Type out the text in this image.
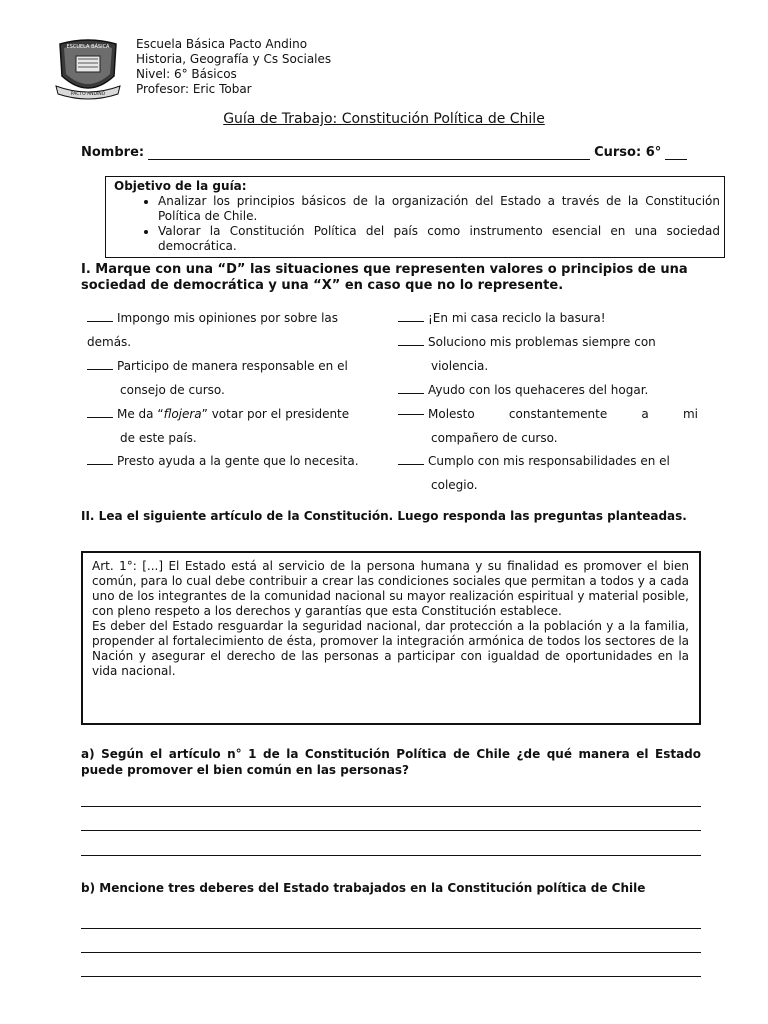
ESCUELA BÁSICA
PACTO ANDINO
Escuela Básica Pacto Andino
Historia, Geografía y Cs Sociales
Nivel: 6° Básicos
Profesor: Eric Tobar
Guía de Trabajo: Constitución Política de Chile
Nombre:	Curso: 6°
Objetivo de la guía:
• Analizar los principios básicos de la organización del Estado a través de la Constitución Política de Chile.
• Valorar la Constitución Política del país como instrumento esencial en una sociedad democrática.
I. Marque con una “D” las situaciones que representen valores o principios de una sociedad de democrática y una “X” en caso que no lo represente.
Impongo mis opiniones por sobre las
demás.
Participo de manera responsable en el
consejo de curso.
Me da “flojera” votar por el presidente
de este país.
Presto ayuda a la gente que lo necesita.
¡En mi casa reciclo la basura!
Soluciono mis problemas siempre con
violencia.
Ayudo con los quehaceres del hogar.
Molesto constantemente a mi
compañero de curso.
Cumplo con mis responsabilidades en el
colegio.
II. Lea el siguiente artículo de la Constitución. Luego responda las preguntas planteadas.
Art. 1°: [...] El Estado está al servicio de la persona humana y su finalidad es promover el bien común, para lo cual debe contribuir a crear las condiciones sociales que permitan a todos y a cada uno de los integrantes de la comunidad nacional su mayor realización espiritual y material posible, con pleno respeto a los derechos y garantías que esta Constitución establece.
Es deber del Estado resguardar la seguridad nacional, dar protección a la población y a la familia, propender al fortalecimiento de ésta, promover la integración armónica de todos los sectores de la Nación y asegurar el derecho de las personas a participar con igualdad de oportunidades en la vida nacional.
a) Según el artículo n° 1 de la Constitución Política de Chile ¿de qué manera el Estado puede promover el bien común en las personas?
b) Mencione tres deberes del Estado trabajados en la Constitución política de Chile
